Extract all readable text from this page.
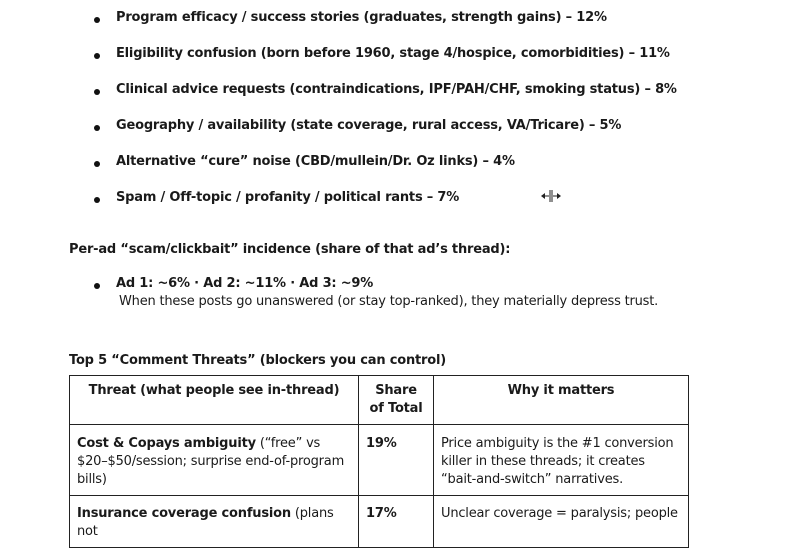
Program efficacy / success stories (graduates, strength gains) – 12%
Eligibility confusion (born before 1960, stage 4/hospice, comorbidities) – 11%
Clinical advice requests (contraindications, IPF/PAH/CHF, smoking status) – 8%
Geography / availability (state coverage, rural access, VA/Tricare) – 5%
Alternative “cure” noise (CBD/mullein/Dr. Oz links) – 4%
Spam / Off-topic / profanity / political rants – 7%
Per-ad “scam/clickbait” incidence (share of that ad’s thread):
Ad 1: ~6% · Ad 2: ~11% · Ad 3: ~9%
When these posts go unanswered (or stay top-ranked), they materially depress trust.
Top 5 “Comment Threats” (blockers you can control)
Threat (what people see in-thread)	Share of Total	Why it matters
Cost & Copays ambiguity (“free” vs $20–$50/session; surprise end-of-program bills)	19%	Price ambiguity is the #1 conversion killer in these threads; it creates “bait-and-switch” narratives.
Insurance coverage confusion (plans not	17%	Unclear coverage = paralysis; people
